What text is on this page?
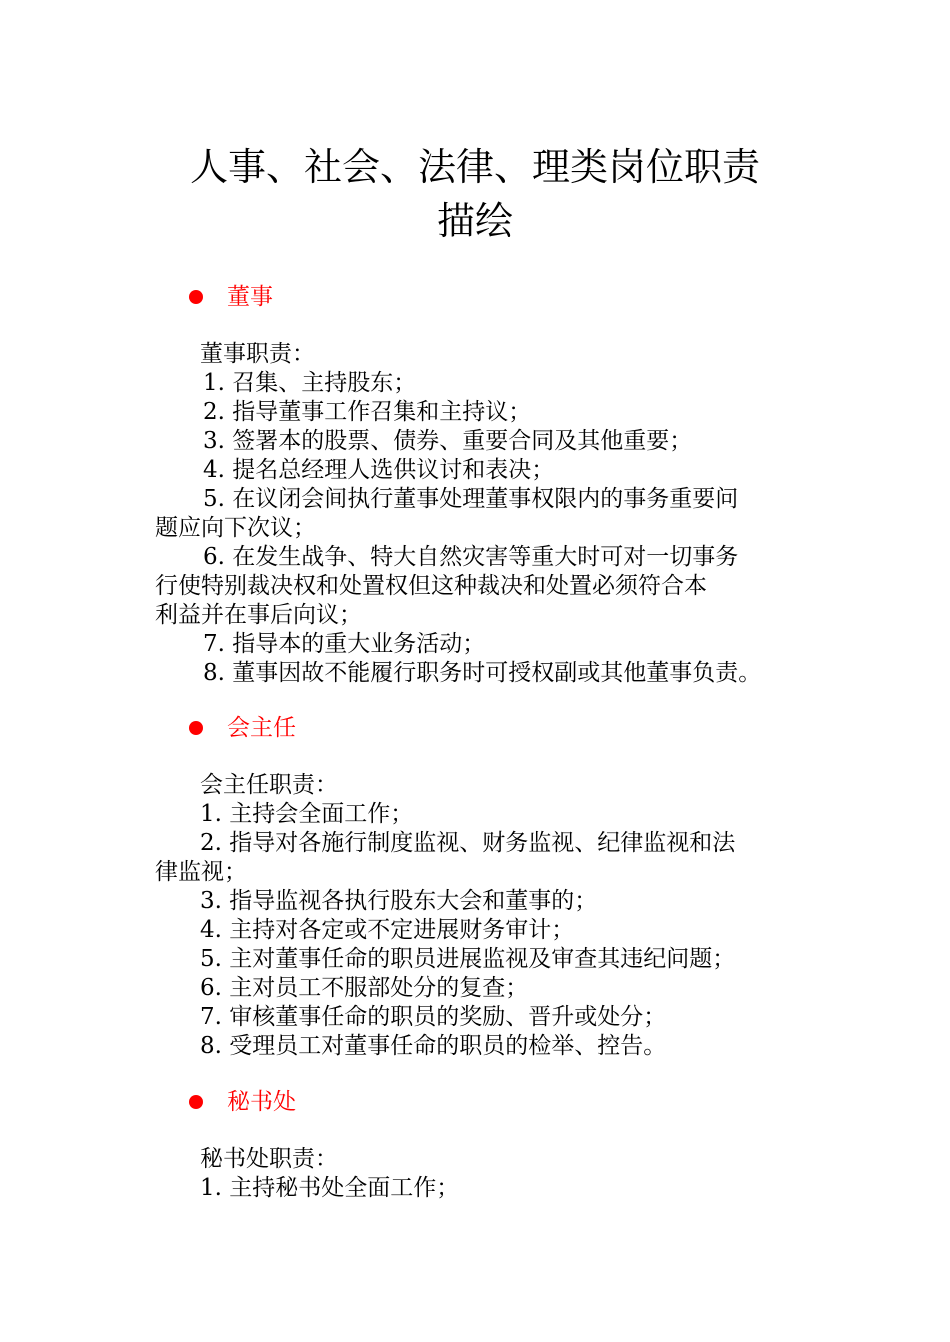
人事、社会、法律、理类岗位职责
描绘
董事

董事职责：

1. 召集、主持股东；

2. 指导董事工作召集和主持议；

3. 签署本的股票、债券、重要合同及其他重要；

4. 提名总经理人选供议讨和表决；

5. 在议闭会间执行董事处理董事权限内的事务重要问

题应向下次议；

6. 在发生战争、特大自然灾害等重大时可对一切事务

行使特别裁决权和处置权但这种裁决和处置必须符合本

利益并在事后向议；

7. 指导本的重大业务活动；

8. 董事因故不能履行职务时可授权副或其他董事负责。

会主任

会主任职责：

1. 主持会全面工作；

2. 指导对各施行制度监视、财务监视、纪律监视和法

律监视；

3. 指导监视各执行股东大会和董事的；

4. 主持对各定或不定进展财务审计；

5. 主对董事任命的职员进展监视及审查其违纪问题；

6. 主对员工不服部处分的复查；

7. 审核董事任命的职员的奖励、晋升或处分；

8. 受理员工对董事任命的职员的检举、控告。

秘书处

秘书处职责：

1. 主持秘书处全面工作；
